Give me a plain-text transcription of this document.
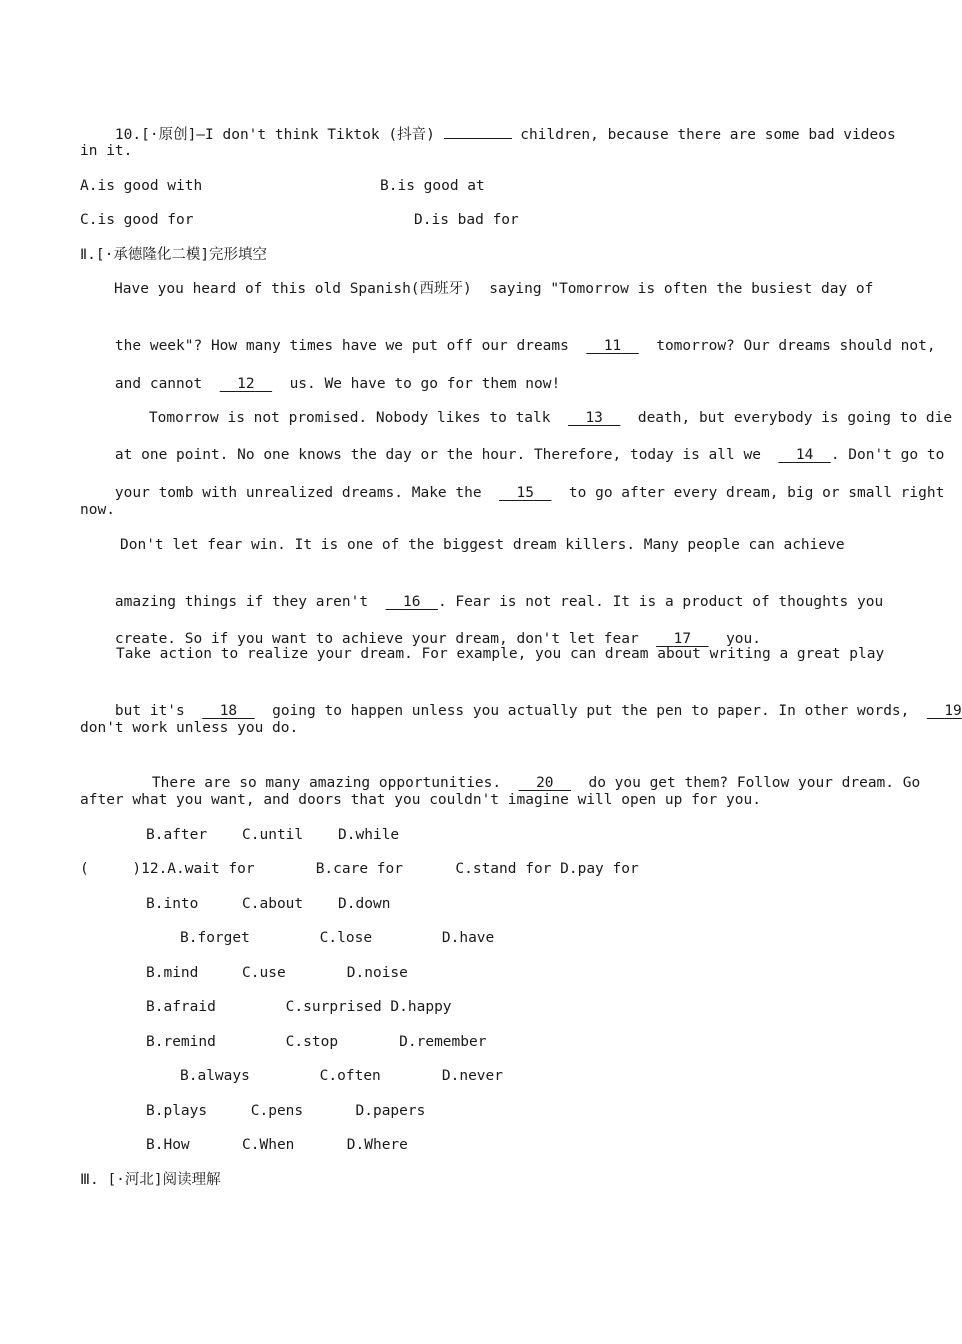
10.[·原创]—I don't think Tiktok (抖音)	children, because there are some bad videos

in it.
A.is good with	B.is good at
C.is good for	D.is bad for
Ⅱ.[·承德隆化二模]完形填空
Have you heard of this old Spanish(西班牙)  saying "Tomorrow is often the busiest day of

the week"? How many times have we put off our dreams 11 tomorrow? Our dreams should not,

and cannot 12 us. We have to go for them now!

Tomorrow is not promised. Nobody likes to talk 13 death, but everybody is going to die

at one point. No one knows the day or the hour. Therefore, today is all we 14 . Don't go to

your tomb with unrealized dreams. Make the 15 to go after every dream, big or small right

now.
Don't let fear win. It is one of the biggest dream killers. Many people can achieve

amazing things if they aren't 16 . Fear is not real. It is a product of thoughts you

create. So if you want to achieve your dream, don't let fear 17 you.

Take action to realize your dream. For example, you can dream about writing a great play

but it's 18 going to happen unless you actually put the pen to paper. In other words, 19

don't work unless you do.

There are so many amazing opportunities. 20 do you get them? Follow your dream. Go

after what you want, and doors that you couldn't imagine will open up for you.
B.after    C.until    D.while
(     )12.A.wait for       B.care for      C.stand for D.pay for
B.into     C.about    D.down
B.forget        C.lose        D.have
B.mind     C.use       D.noise
B.afraid        C.surprised D.happy
B.remind        C.stop       D.remember
B.always        C.often       D.never
B.plays     C.pens      D.papers
B.How      C.When      D.Where
Ⅲ. [·河北]阅读理解
